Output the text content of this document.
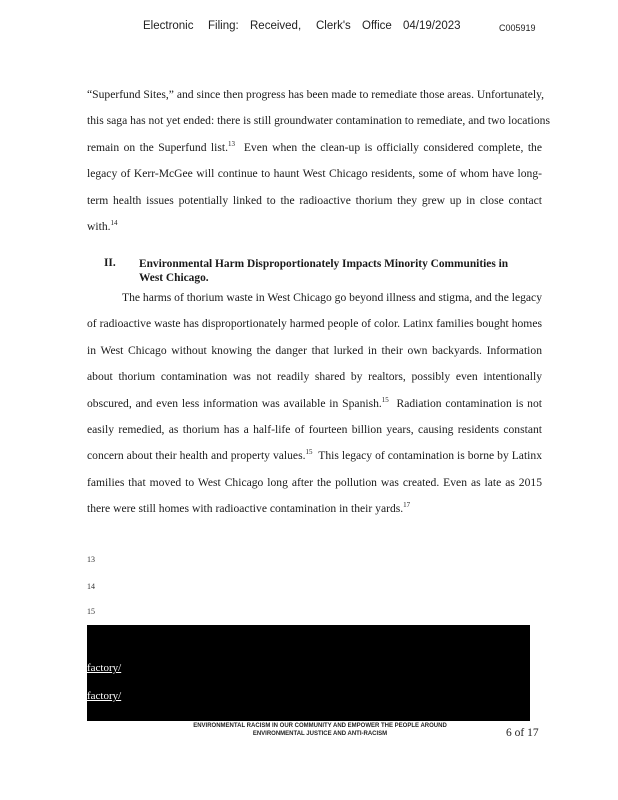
Electronic Filing: Received, Clerk's Office 04/19/2023	C005919

“Superfund Sites,” and since then progress has been made to remediate those areas. Unfortunately,
this saga has not yet ended: there is still groundwater contamination to remediate, and two locations
remain on the Superfund list.$^{13}$ Even when the clean-up is officially considered complete, the
legacy of Kerr-McGee will continue to haunt West Chicago residents, some of whom have long-
term health issues potentially linked to the radioactive thorium they grew up in close contact
with.$^{14}$

II. Environmental Harm Disproportionately Impacts Minority Communities in
West Chicago.

The harms of thorium waste in West Chicago go beyond illness and stigma, and the legacy
of radioactive waste has disproportionately harmed people of color. Latinx families bought homes
in West Chicago without knowing the danger that lurked in their own backyards. Information
about thorium contamination was not readily shared by realtors, possibly even intentionally
obscured, and even less information was available in Spanish.$^{15}$ Radiation contamination is not
easily remedied, as thorium has a half-life of fourteen billion years, causing residents constant
concern about their health and property values.$^{15}$ This legacy of contamination is borne by Latinx
families that moved to West Chicago long after the pollution was created. Even as late as 2015
there were still homes with radioactive contamination in their yards.$^{17}$

13
14
15
factory/
factory/
ENVIRONMENTAL RACISM IN OUR COMMUNITY AND EMPOWER THE PEOPLE AROUND
ENVIRONMENTAL JUSTICE AND ANTI-RACISM	6 of 17
